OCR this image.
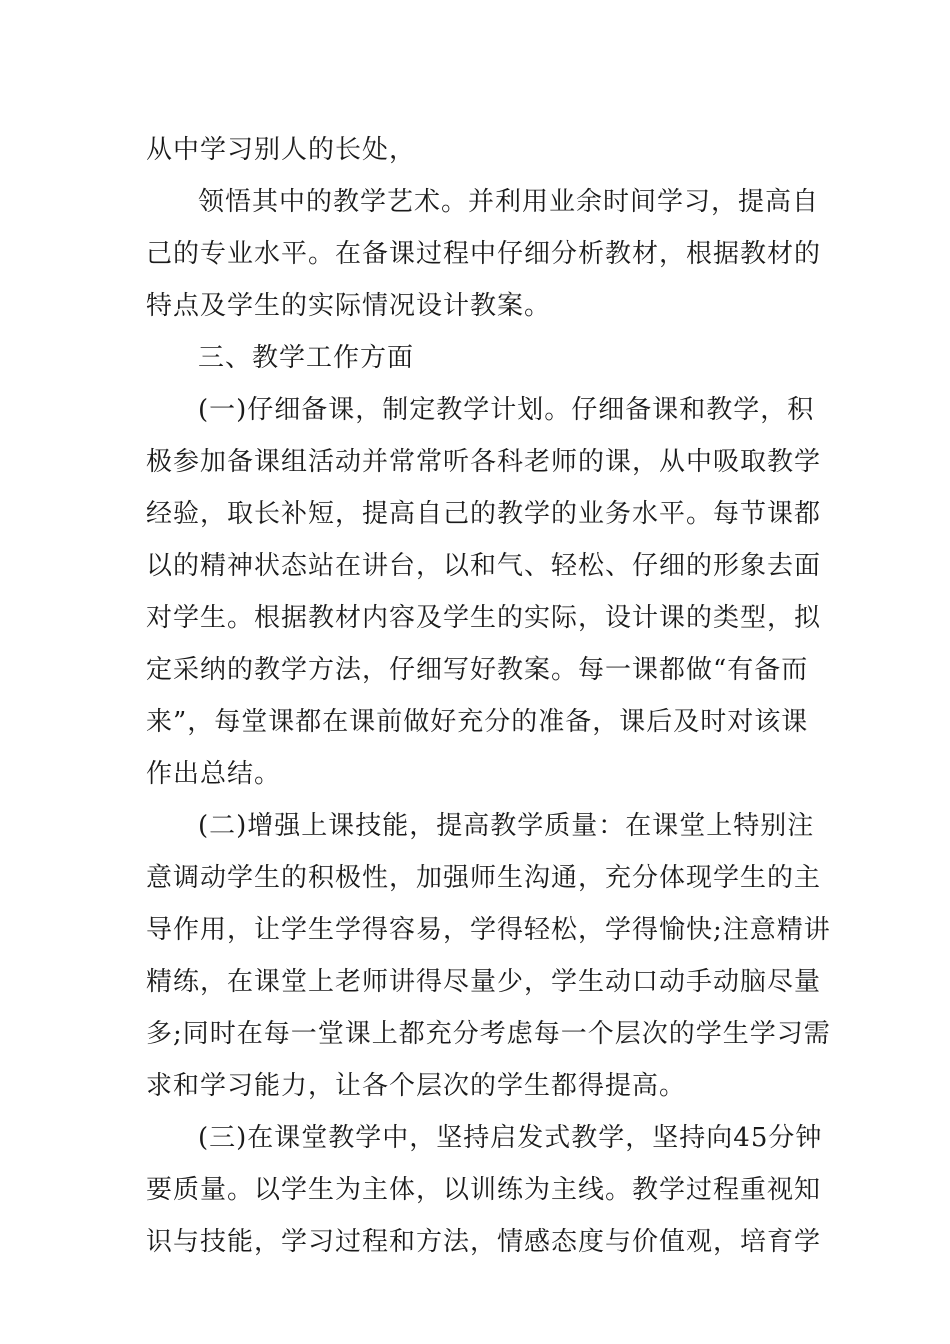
从中学习别人的长处，
领悟其中的教学艺术。并利用业余时间学习，提高自
己的专业水平。在备课过程中仔细分析教材，根据教材的
特点及学生的实际情况设计教案。
三、教学工作方面
(一)仔细备课，制定教学计划。仔细备课和教学，积
极参加备课组活动并常常听各科老师的课，从中吸取教学
经验，取长补短，提高自己的教学的业务水平。每节课都
以的精神状态站在讲台，以和气、轻松、仔细的形象去面
对学生。根据教材内容及学生的实际，设计课的类型，拟
定采纳的教学方法，仔细写好教案。每一课都做“有备而
来”，每堂课都在课前做好充分的准备，课后及时对该课
作出总结。
(二)增强上课技能，提高教学质量：在课堂上特别注
意调动学生的积极性，加强师生沟通，充分体现学生的主
导作用，让学生学得容易，学得轻松，学得愉快;注意精讲
精练，在课堂上老师讲得尽量少，学生动口动手动脑尽量
多;同时在每一堂课上都充分考虑每一个层次的学生学习需
求和学习能力，让各个层次的学生都得提高。
(三)在课堂教学中，坚持启发式教学，坚持向45分钟
要质量。以学生为主体，以训练为主线。教学过程重视知
识与技能，学习过程和方法，情感态度与价值观，培育学
